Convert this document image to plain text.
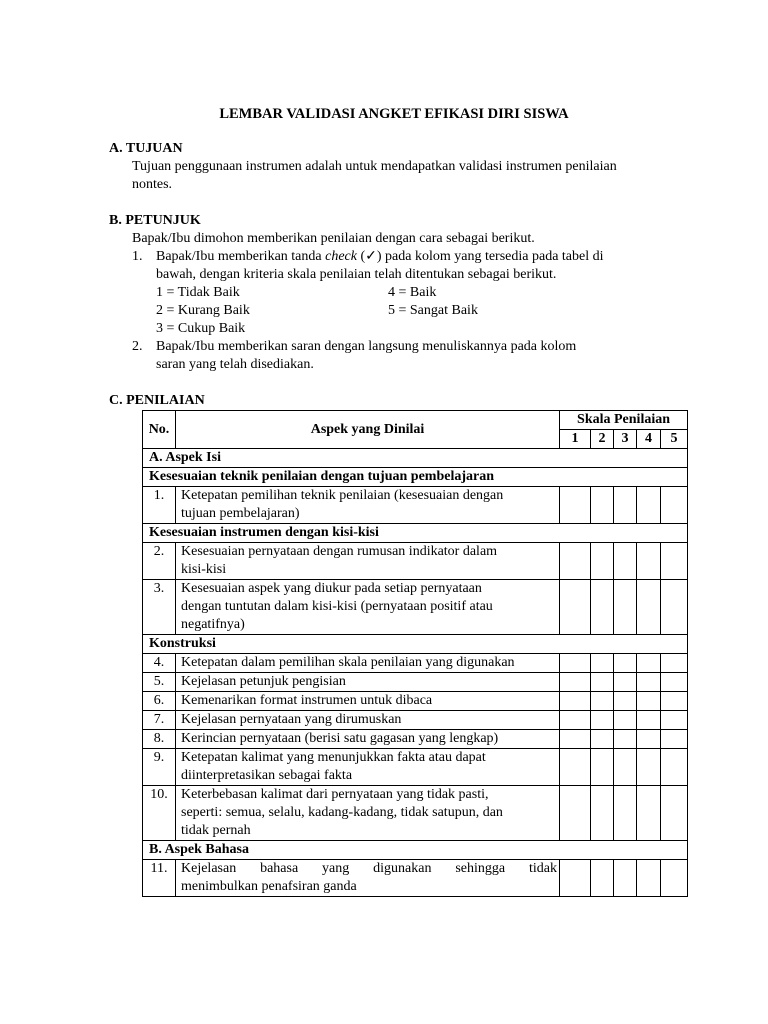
LEMBAR VALIDASI ANGKET EFIKASI DIRI SISWA
A. TUJUAN
Tujuan penggunaan instrumen adalah untuk mendapatkan validasi instrumen penilaian
nontes.
B. PETUNJUK
Bapak/Ibu dimohon memberikan penilaian dengan cara sebagai berikut.
1. Bapak/Ibu memberikan tanda check (✓) pada kolom yang tersedia pada tabel di
bawah, dengan kriteria skala penilaian telah ditentukan sebagai berikut.
1 = Tidak Baik
2 = Kurang Baik
3 = Cukup Baik
4 = Baik
5 = Sangat Baik
2. Bapak/Ibu memberikan saran dengan langsung menuliskannya pada kolom
saran yang telah disediakan.
C. PENILAIAN
No.	Aspek yang Dinilai	Skala Penilaian				
		1	2	3	4	5
A. Aspek Isi						
Kesesuaian teknik penilaian dengan tujuan pembelajaran						
1.	Ketepatan pemilihan teknik penilaian (kesesuaian dengan
tujuan pembelajaran)					

Kesesuaian instrumen dengan kisi-kisi						
2.	Kesesuaian pernyataan dengan rumusan indikator dalam
kisi-kisi					

3.	Kesesuaian aspek yang diukur pada setiap pernyataan
dengan tuntutan dalam kisi-kisi (pernyataan positif atau
negatifnya)					

Konstruksi						
4.	Ketepatan dalam pemilihan skala penilaian yang digunakan					
5.	Kejelasan petunjuk pengisian					
6.	Kemenarikan format instrumen untuk dibaca					
7.	Kejelasan pernyataan yang dirumuskan					
8.	Kerincian pernyataan (berisi satu gagasan yang lengkap)					
9.	Ketepatan kalimat yang menunjukkan fakta atau dapat
diinterpretasikan sebagai fakta					

10.	Keterbebasan kalimat dari pernyataan yang tidak pasti,
seperti: semua, selalu, kadang-kadang, tidak satupun, dan
tidak pernah					

B. Aspek Bahasa						
11.	Kejelasan bahasa yang digunakan sehingga tidak
menimbulkan penafsiran ganda					
